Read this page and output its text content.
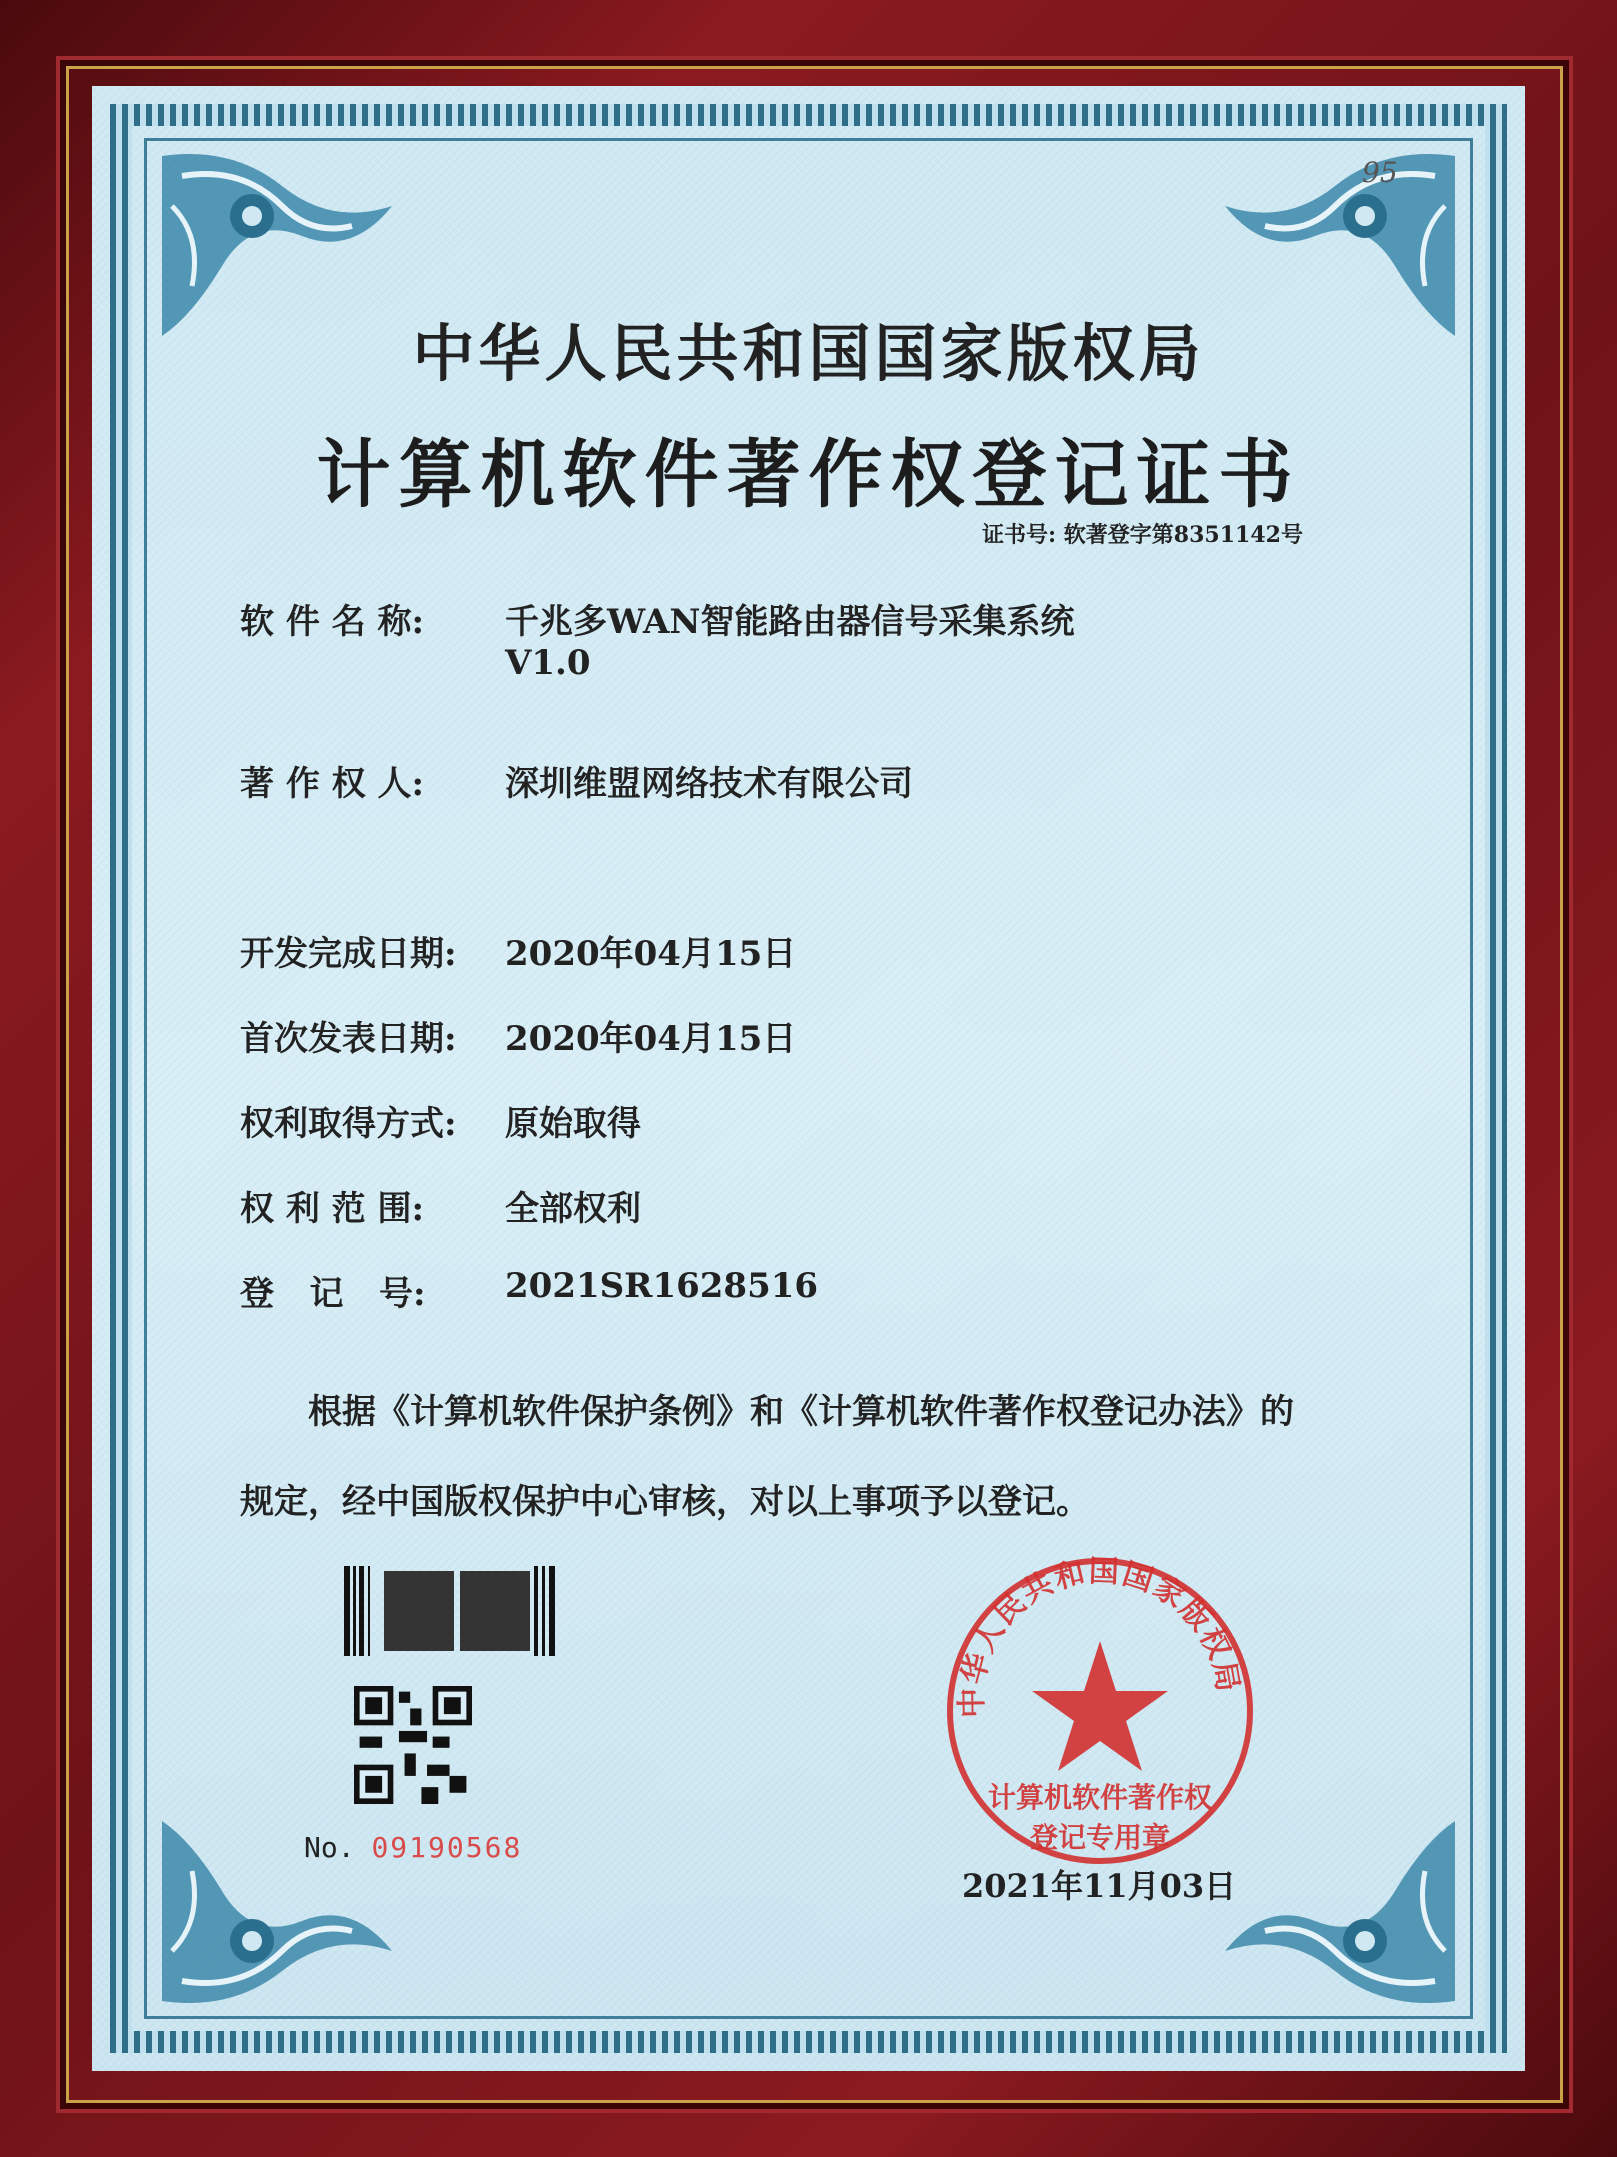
95
中华人民共和国国家版权局
计算机软件著作权登记证书
证书号: 软著登字第8351142号
软 件 名 称: 千兆多WAN智能路由器信号采集系统
V1.0
著 作 权 人: 深圳维盟网络技术有限公司
开发完成日期: 2020年04月15日
首次发表日期: 2020年04月15日
权利取得方式: 原始取得
权 利 范 围: 全部权利
登   记   号: 2021SR1628516
根据《计算机软件保护条例》和《计算机软件著作权登记办法》的
规定，经中国版权保护中心审核，对以上事项予以登记。
No. 09190568
中华人民共和国国家版权局
计算机软件著作权
登记专用章
2021年11月03日
